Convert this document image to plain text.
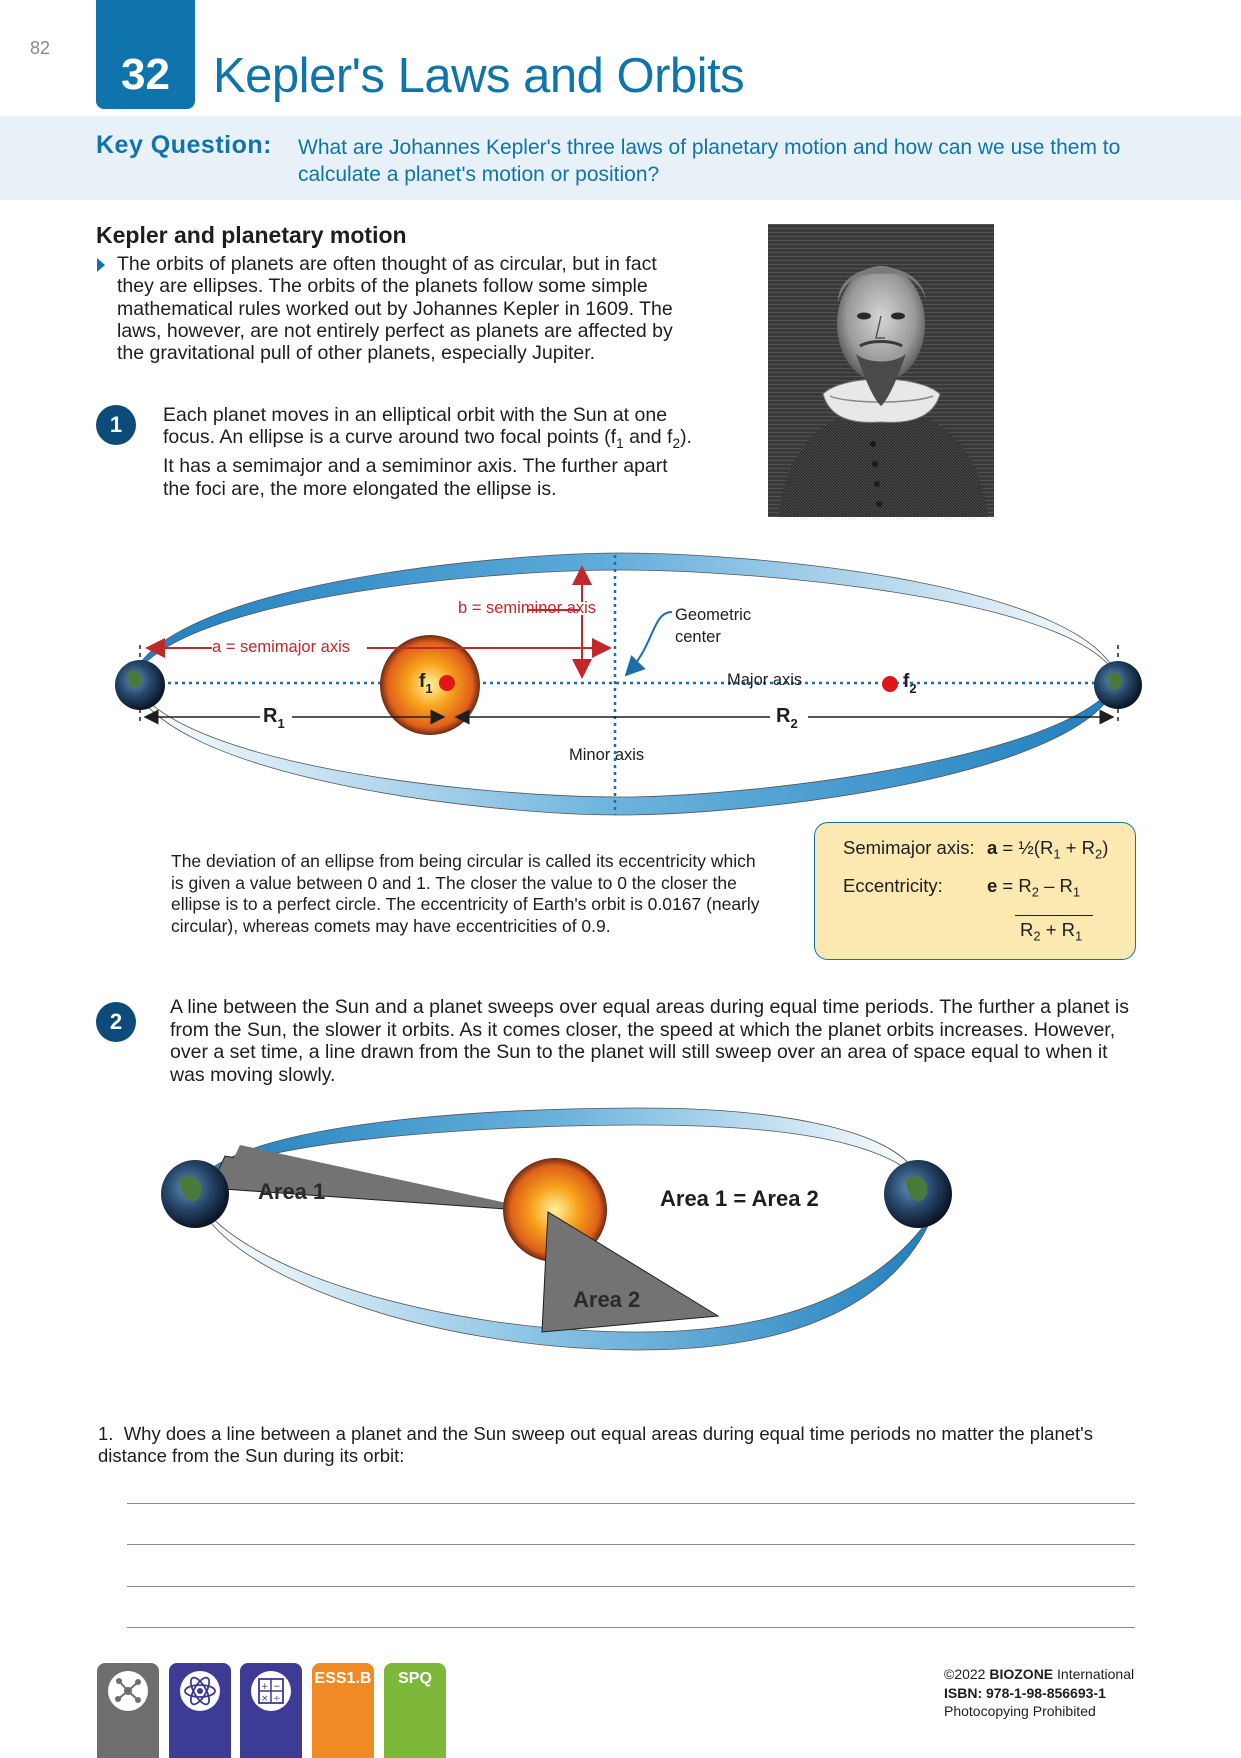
82
32 Kepler's Laws and Orbits
Key Question: What are Johannes Kepler's three laws of planetary motion and how can we use them to calculate a planet's motion or position?
Kepler and planetary motion
The orbits of planets are often thought of as circular, but in fact they are ellipses. The orbits of the planets follow some simple mathematical rules worked out by Johannes Kepler in 1609. The laws, however, are not entirely perfect as planets are affected by the gravitational pull of other planets, especially Jupiter.
1	Each planet moves in an elliptical orbit with the Sun at one focus. An ellipse is a curve around two focal points ($f_1$ and $f_2$). It has a semimajor and a semiminor axis. The further apart the foci are, the more elongated the ellipse is.
b = semiminor axis
a = semimajor axis
Geometric
center
Major axis
Minor axis
$f_1$	$f_2$
$R_1$	$R_2$
The deviation of an ellipse from being circular is called its eccentricity which is given a value between 0 and 1. The closer the value to 0 the closer the ellipse is to a perfect circle. The eccentricity of Earth's orbit is 0.0167 (nearly circular), whereas comets may have eccentricities of 0.9.
Semimajor axis: $a = \frac{1}{2}(R_1 + R_2)$
Eccentricity: $e = R_2 - R_1$
$R_2 + R_1$
2
A line between the Sun and a planet sweeps over equal areas during equal time periods. The further a planet is from the Sun, the slower it orbits. As it comes closer, the speed at which the planet orbits increases. However, over a set time, a line drawn from the Sun to the planet will still sweep over an area of space equal to when it was moving slowly.
Area 1
Area 2
Area 1 = Area 2
1. Why does a line between a planet and the Sun sweep out equal areas during equal time periods no matter the planet's distance from the Sun during its orbit:
+ −
× ÷
ESS1.B	SPQ	©2022 BIOZONE International
ISBN: 978-1-98-856693-1
Photocopying Prohibited
